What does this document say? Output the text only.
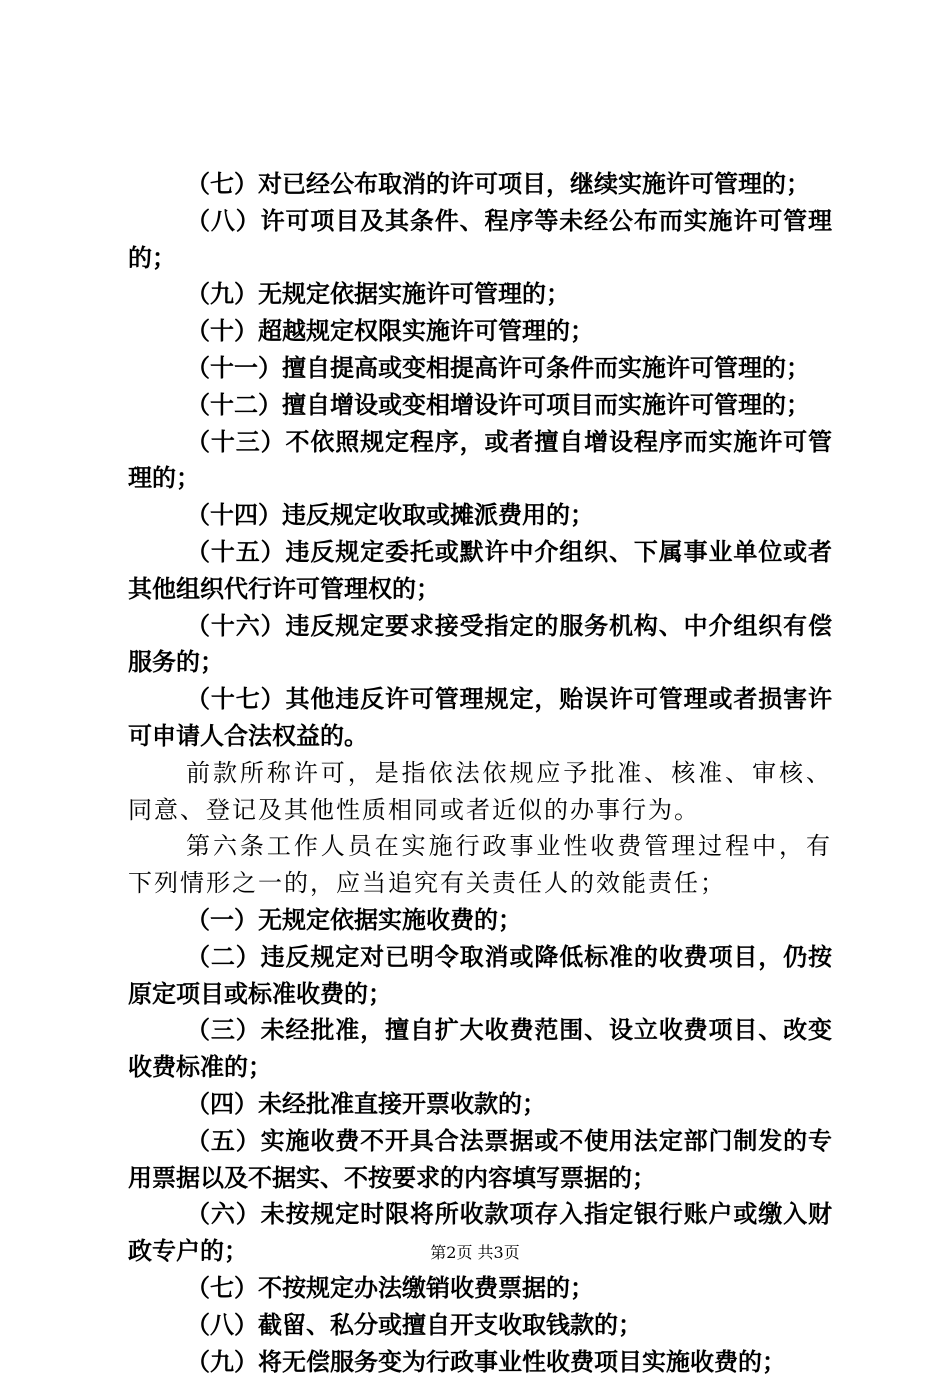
（七）对已经公布取消的许可项目，继续实施许可管理的；

（八）许可项目及其条件、程序等未经公布而实施许可管理的；

（九）无规定依据实施许可管理的；

（十）超越规定权限实施许可管理的；

（十一）擅自提高或变相提高许可条件而实施许可管理的；

（十二）擅自增设或变相增设许可项目而实施许可管理的；

（十三）不依照规定程序，或者擅自增设程序而实施许可管理的；

（十四）违反规定收取或摊派费用的；

（十五）违反规定委托或默许中介组织、下属事业单位或者其他组织代行许可管理权的；

（十六）违反规定要求接受指定的服务机构、中介组织有偿服务的；

（十七）其他违反许可管理规定，贻误许可管理或者损害许可申请人合法权益的。

前款所称许可，是指依法依规应予批准、核准、审核、同意、登记及其他性质相同或者近似的办事行为。

第六条工作人员在实施行政事业性收费管理过程中，有下列情形之一的，应当追究有关责任人的效能责任；

（一）无规定依据实施收费的；

（二）违反规定对已明令取消或降低标准的收费项目，仍按原定项目或标准收费的；

（三）未经批准，擅自扩大收费范围、设立收费项目、改变收费标准的；

（四）未经批准直接开票收款的；

（五）实施收费不开具合法票据或不使用法定部门制发的专用票据以及不据实、不按要求的内容填写票据的；

（六）未按规定时限将所收款项存入指定银行账户或缴入财政专户的；

（七）不按规定办法缴销收费票据的；

（八）截留、私分或擅自开支收取钱款的；

（九）将无偿服务变为行政事业性收费项目实施收费的；

第2页 共3页
